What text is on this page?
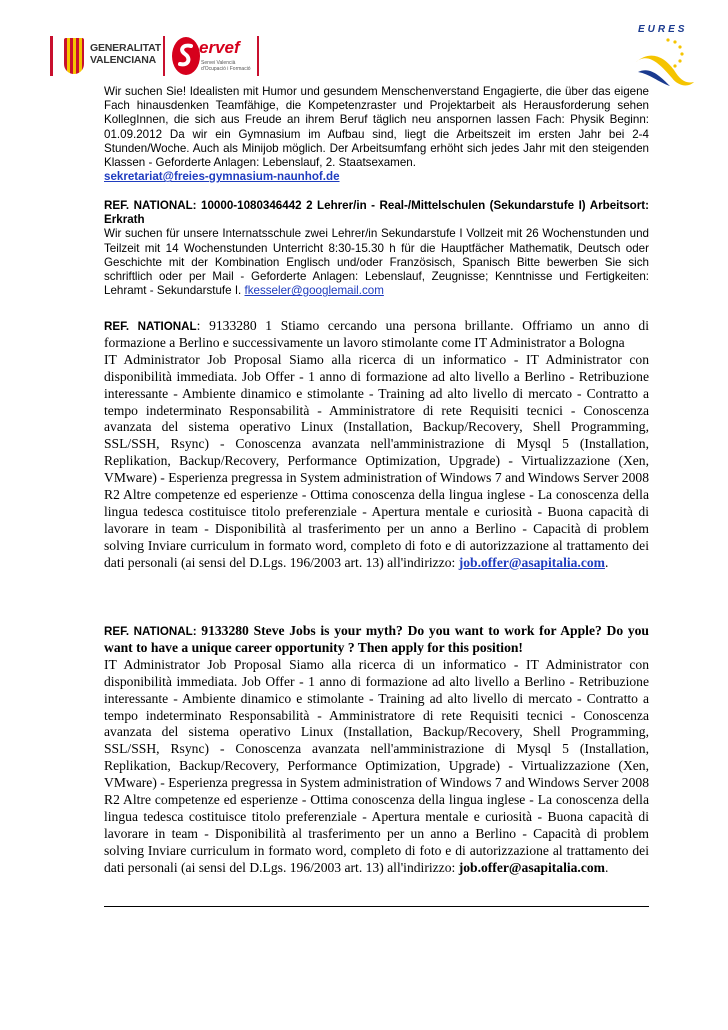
GENERALITAT
VALENCIANA
ervef
Servei Valencià d'Ocupació i Formació
EURES
Wir suchen Sie! Idealisten mit Humor und gesundem Menschenverstand Engagierte, die über das eigene Fach hinausdenken Teamfähige, die Kompetenzraster und Projektarbeit als Herausforderung sehen KollegInnen, die sich aus Freude an ihrem Beruf täglich neu anspornen lassen Fach: Physik Beginn: 01.09.2012 Da wir ein Gymnasium im Aufbau sind, liegt die Arbeitszeit im ersten Jahr bei 2-4 Stunden/Woche. Auch als Minijob möglich. Der Arbeitsumfang erhöht sich jedes Jahr mit den steigenden Klassen - Geforderte Anlagen: Lebenslauf, 2. Staatsexamen.
sekretariat@freies-gymnasium-naunhof.de
REF. NATIONAL: 10000-1080346442 2 Lehrer/in - Real-/Mittelschulen (Sekundarstufe I) Arbeitsort: Erkrath
Wir suchen für unsere Internatsschule zwei Lehrer/in Sekundarstufe I Vollzeit mit 26 Wochenstunden und Teilzeit mit 14 Wochenstunden Unterricht 8:30-15.30 h für die Hauptfächer Mathematik, Deutsch oder Geschichte mit der Kombination Englisch und/oder Französisch, Spanisch Bitte bewerben Sie sich schriftlich oder per Mail - Geforderte Anlagen: Lebenslauf, Zeugnisse; Kenntnisse und Fertigkeiten: Lehramt - Sekundarstufe I. fkesseler@googlemail.com
REF. NATIONAL: 9133280 1 Stiamo cercando una persona brillante. Offriamo un anno di formazione a Berlino e successivamente un lavoro stimolante come IT Administrator a Bologna
IT Administrator Job Proposal Siamo alla ricerca di un informatico - IT Administrator con disponibilità immediata. Job Offer - 1 anno di formazione ad alto livello a Berlino - Retribuzione interessante - Ambiente dinamico e stimolante - Training ad alto livello di mercato - Contratto a tempo indeterminato Responsabilità - Amministratore di rete Requisiti tecnici - Conoscenza avanzata del sistema operativo Linux (Installation, Backup/Recovery, Shell Programming, SSL/SSH, Rsync) - Conoscenza avanzata nell'amministrazione di Mysql 5 (Installation, Replikation, Backup/Recovery, Performance Optimization, Upgrade) - Virtualizzazione (Xen, VMware) - Esperienza pregressa in System administration of Windows 7 and Windows Server 2008 R2 Altre competenze ed esperienze - Ottima conoscenza della lingua inglese - La conoscenza della lingua tedesca costituisce titolo preferenziale - Apertura mentale e curiosità - Buona capacità di lavorare in team - Disponibilità al trasferimento per un anno a Berlino - Capacità di problem solving Inviare curriculum in formato word, completo di foto e di autorizzazione al trattamento dei dati personali (ai sensi del D.Lgs. 196/2003 art. 13) all'indirizzo: job.offer@asapitalia.com.
REF. NATIONAL: 9133280 Steve Jobs is your myth? Do you want to work for Apple? Do you want to have a unique career opportunity ? Then apply for this position!
IT Administrator Job Proposal Siamo alla ricerca di un informatico - IT Administrator con disponibilità immediata. Job Offer - 1 anno di formazione ad alto livello a Berlino - Retribuzione interessante - Ambiente dinamico e stimolante - Training ad alto livello di mercato - Contratto a tempo indeterminato Responsabilità - Amministratore di rete Requisiti tecnici - Conoscenza avanzata del sistema operativo Linux (Installation, Backup/Recovery, Shell Programming, SSL/SSH, Rsync) - Conoscenza avanzata nell'amministrazione di Mysql 5 (Installation, Replikation, Backup/Recovery, Performance Optimization, Upgrade) - Virtualizzazione (Xen, VMware) - Esperienza pregressa in System administration of Windows 7 and Windows Server 2008 R2 Altre competenze ed esperienze - Ottima conoscenza della lingua inglese - La conoscenza della lingua tedesca costituisce titolo preferenziale - Apertura mentale e curiosità - Buona capacità di lavorare in team - Disponibilità al trasferimento per un anno a Berlino - Capacità di problem solving Inviare curriculum in formato word, completo di foto e di autorizzazione al trattamento dei dati personali (ai sensi del D.Lgs. 196/2003 art. 13) all'indirizzo: job.offer@asapitalia.com.
